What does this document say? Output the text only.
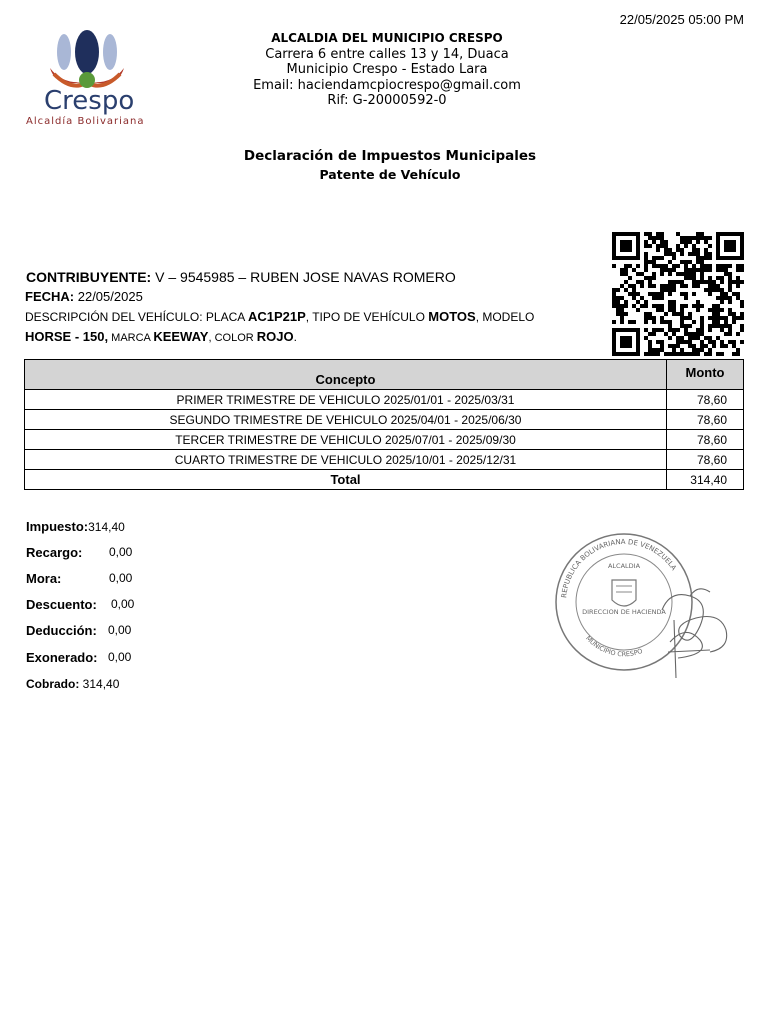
22/05/2025 05:00 PM
Crespo
Alcaldía Bolivariana
ALCALDIA DEL MUNICIPIO CRESPO
Carrera 6 entre calles 13 y 14, Duaca
Municipio Crespo - Estado Lara
Email: haciendamcpiocrespo@gmail.com
Rif: G-20000592-0
Declaración de Impuestos Municipales
Patente de Vehículo
CONTRIBUYENTE: V – 9545985 – RUBEN JOSE NAVAS ROMERO
FECHA: 22/05/2025
DESCRIPCIÓN DEL VEHÍCULO: PLACA AC1P21P, TIPO DE VEHÍCULO MOTOS, MODELO
HORSE - 150, MARCA KEEWAY, COLOR ROJO.
Concepto	Monto
PRIMER TRIMESTRE DE VEHICULO 2025/01/01 - 2025/03/31	78,60
SEGUNDO TRIMESTRE DE VEHICULO 2025/04/01 - 2025/06/30	78,60
TERCER TRIMESTRE DE VEHICULO 2025/07/01 - 2025/09/30	78,60
CUARTO TRIMESTRE DE VEHICULO 2025/10/01 - 2025/12/31	78,60
Total	314,40
Impuesto:314,40
Recargo: 0,00
Mora:	0,00
Descuento: 0,00
Deducción: 0,00
Exonerado: 0,00
Cobrado: 314,40
REPUBLICA BOLIVARIANA DE VENEZUELA
ALCALDIA
DIRECCION DE HACIENDA
MUNICIPIO CRESPO
